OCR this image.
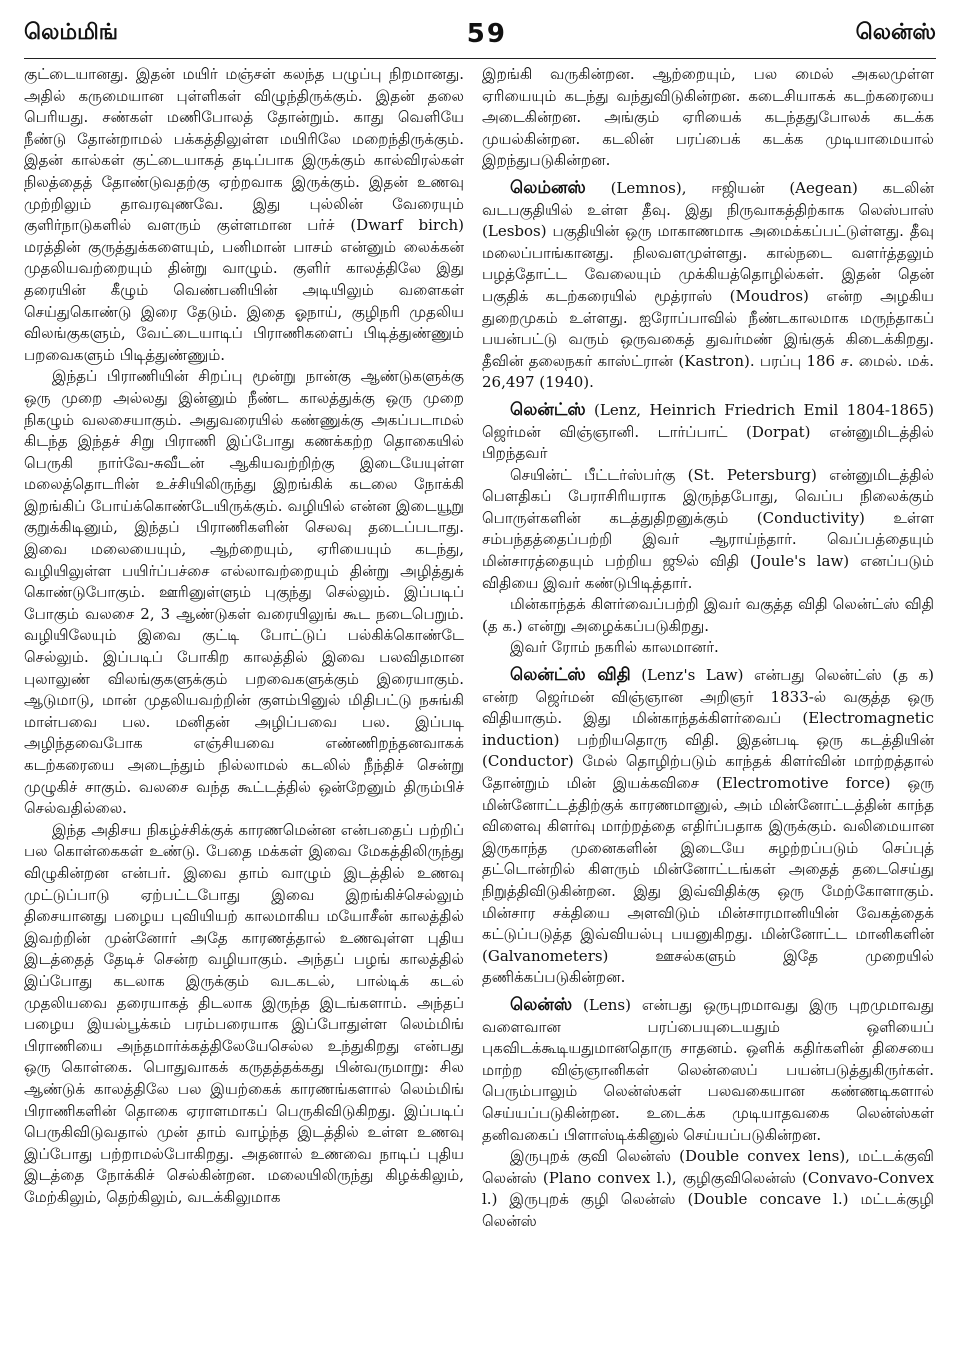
லெம்மிங்	59	லென்ஸ்

குட்டையானது. இதன் மயிர் மஞ்சள் கலந்த பழுப்பு நிறமானது. அதில் கருமையான புள்ளிகள் விழுந்திருக்கும். இதன் தலை பெரியது. சண்கள் மணிபோலத் தோன்றும். காது வெளியே நீண்டு தோன்றாமல் பக்கத்திலுள்ள மயிரிலே மறைந்திருக்கும். இதன் கால்கள் குட்டையாகத் தடிப்பாக இருக்கும் கால்விரல்கள் நிலத்தைத் தோண்டுவதற்கு ஏற்றவாக இருக்கும். இதன் உணவு முற்றிலும் தாவரவுணவே. இது புல்லின் வேரையும் குளிர்நாடுகளில் வளரும் குள்ளமான பர்ச் (Dwarf birch) மரத்தின் குருத்துக்களையும், பனிமான் பாசம் என்னும் லைக்கன் முதலியவற்றையும் தின்று வாழும். குளிர் காலத்திலே இது தரையின் கீழும் வெண்பனியின் அடியிலும் வளைகள் செய்துகொண்டு இரை தேடும். இதை ஓநாய், குழிநரி முதலிய விலங்குகளும், வேட்டையாடிப் பிராணிகளைப் பிடித்துண்ணும் பறவைகளும் பிடித்துண்ணும்.

இந்தப் பிராணியின் சிறப்பு மூன்று நான்கு ஆண்டுகளுக்கு ஒரு முறை அல்லது இன்னும் நீண்ட காலத்துக்கு ஒரு முறை நிகழும் வலசையாகும். அதுவரையில் கண்ணுக்கு அகப்படாமல் கிடந்த இந்தச் சிறு பிராணி இப்போது கணக்கற்ற தொகையில் பெருகி நார்வே-சுவீடன் ஆகியவற்றிற்கு இடையேயுள்ள மலைத்தொடரின் உச்சியிலிருந்து இறங்கிக் கடலை நோக்கி இறங்கிப் போய்க்கொண்டேயிருக்கும். வழியில் என்ன இடையூறு குறுக்கிடினும், இந்தப் பிராணிகளின் செலவு தடைப்படாது. இவை மலையையும், ஆற்றையும், ஏரியையும் கடந்து, வழியிலுள்ள பயிர்ப்பச்சை எல்லாவற்றையும் தின்று அழித்துக் கொண்டுபோகும். ஊரினுள்ளும் புகுந்து செல்லும். இப்படிப் போகும் வலசை 2, 3 ஆண்டுகள் வரையிலுங் கூட நடைபெறும். வழியிலேயும் இவை குட்டி போட்டுப் பல்கிக்கொண்டே செல்லும். இப்படிப் போகிற காலத்தில் இவை பலவிதமான புலாலுண் விலங்குகளுக்கும் பறவைகளுக்கும் இரையாகும். ஆடுமாடு, மான் முதலியவற்றின் குளம்பினுல் மிதிபட்டு நசுங்கி மாள்பவை பல. மனிதன் அழிப்பவை பல. இப்படி அழிந்தவைபோக எஞ்சியவை எண்ணிறந்தனவாகக் கடற்கரையை அடைந்தும் நில்லாமல் கடலில் நீந்திச் சென்று முழுகிச் சாகும். வலசை வந்த கூட்டத்தில் ஒன்றேனும் திரும்பிச் செல்வதில்லை.

இந்த அதிசய நிகழ்ச்சிக்குக் காரணமென்ன என்பதைப் பற்றிப் பல கொள்கைகள் உண்டு. பேதை மக்கள் இவை மேகத்திலிருந்து விழுகின்றன என்பர். இவை தாம் வாழும் இடத்தில் உணவு முட்டுப்பாடு ஏற்பட்டபோது இவை இறங்கிச்செல்லும் திசையானது பழைய புவியியற் காலமாகிய மயோசீன் காலத்தில் இவற்றின் முன்னோர் அதே காரணத்தால் உணவுள்ள புதிய இடத்தைத் தேடிச் சென்ற வழியாகும். அந்தப் பழங் காலத்தில் இப்போது கடலாக இருக்கும் வடகடல், பால்டிக் கடல் முதலியவை தரையாகத் திடலாக இருந்த இடங்களாம். அந்தப் பழைய இயல்பூக்கம் பரம்பரையாக இப்போதுள்ள லெம்மிங் பிராணியை அந்தமார்க்கத்திலேயேசெல்ல உந்துகிறது என்பது ஒரு கொள்கை. பொதுவாகக் கருதத்தக்கது பின்வருமாறு: சில ஆண்டுக் காலத்திலே பல இயற்கைக் காரணங்களால் லெம்மிங் பிராணிகளின் தொகை ஏராளமாகப் பெருகிவிடுகிறது. இப்படிப் பெருகிவிடுவதால் முன் தாம் வாழ்ந்த இடத்தில் உள்ள உணவு இப்போது பற்றாமல்போகிறது. அதனால் உணவை நாடிப் புதிய இடத்தை நோக்கிச் செல்கின்றன. மலையிலிருந்து கிழக்கிலும், மேற்கிலும், தெற்கிலும், வடக்கிலுமாக

இறங்கி வருகின்றன. ஆற்றையும், பல மைல் அகலமுள்ள ஏரியையும் கடந்து வந்துவிடுகின்றன. கடைசியாகக் கடற்கரையை அடைகின்றன. அங்கும் ஏரியைக் கடந்ததுபோலக் கடக்க முயல்கின்றன. கடலின் பரப்பைக் கடக்க முடியாமையால் இறந்துபடுகின்றன.

லெம்னஸ் (Lemnos), ஈஜியன் (Aegean) கடலின் வடபகுதியில் உள்ள தீவு. இது நிருவாகத்திற்காக லெஸ்பாஸ் (Lesbos) பகுதியின் ஒரு மாகாணமாக அமைக்கப்பட்டுள்ளது. தீவு மலைப்பாங்கானது. நிலவளமுள்ளது. கால்நடை வளர்த்தலும் பழத்தோட்ட வேலையும் முக்கியத்தொழில்கள். இதன் தென் பகுதிக் கடற்கரையில் மூத்ராஸ் (Moudros) என்ற அழகிய துறைமுகம் உள்ளது. ஐரோப்பாவில் நீண்டகாலமாக மருந்தாகப் பயன்பட்டு வரும் ஒருவகைத் துவர்மண் இங்குக் கிடைக்கிறது. தீவின் தலைநகர் காஸ்ட்ரான் (Kastron). பரப்பு 186 ச. மைல். மக். 26,497 (1940).

லென்ட்ஸ் (Lenz, Heinrich Friedrich Emil 1804-1865) ஜெர்மன் விஞ்ஞானி. டார்ப்பாட் (Dorpat) என்னுமிடத்தில் பிறந்தவர்

செயின்ட் பீட்டர்ஸ்பர்கு (St. Petersburg) என்னுமிடத்தில் பௌதிகப் பேராசிரியராக இருந்தபோது, வெப்ப நிலைக்கும் பொருள்களின் கடத்துதிறனுக்கும் (Conductivity) உள்ள சம்பந்தத்தைப்பற்றி இவர் ஆராய்ந்தார். வெப்பத்தையும் மின்சாரத்தையும் பற்றிய ஜூல் விதி (Joule's law) எனப்படும் விதியை இவர் கண்டுபிடித்தார்.

மின்காந்தக் கிளர்வைப்பற்றி இவர் வகுத்த விதி லென்ட்ஸ் விதி (த க.) என்று அழைக்கப்படுகிறது.

இவர் ரோம் நகரில் காலமானர்.

லென்ட்ஸ் விதி (Lenz's Law) என்பது லென்ட்ஸ் (த க) என்ற ஜெர்மன் விஞ்ஞான அறிஞர் 1833-ல் வகுத்த ஒரு விதியாகும். இது மின்காந்தக்கிளர்வைப் (Electromagnetic induction) பற்றியதொரு விதி. இதன்படி ஒரு கடத்தியின் (Conductor) மேல் தொழிற்படும் காந்தக் கிளர்வின் மாற்றத்தால் தோன்றும் மின் இயக்கவிசை (Electromotive force) ஒரு மின்னோட்டத்திற்குக் காரணமானுல், அம் மின்னோட்டத்தின் காந்த விளைவு கிளர்வு மாற்றத்தை எதிர்ப்பதாக இருக்கும். வலிமையான இருகாந்த முனைகளின் இடையே சுழற்றப்படும் செப்புத் தட்டொன்றில் கிளரும் மின்னோட்டங்கள் அதைத் தடைசெய்து நிறுத்திவிடுகின்றன. இது இவ்விதிக்கு ஒரு மேற்கோளாகும். மின்சார சக்தியை அளவிடும் மின்சாரமானியின் வேகத்தைக் கட்டுப்படுத்த இவ்வியல்பு பயனுகிறது. மின்னோட்ட மானிகளின் (Galvanometers) ஊசல்களும் இதே முறையில் தணிக்கப்படுகின்றன.

லென்ஸ் (Lens) என்பது ஒருபுறமாவது இரு புறமுமாவது வளைவான பரப்பையுடையதும் ஒளியைப் புகவிடக்கூடியதுமானதொரு சாதனம். ஒளிக் கதிர்களின் திசையை மாற்ற விஞ்ஞானிகள் லென்ஸைப் பயன்படுத்துகிருர்கள். பெரும்பாலும் லென்ஸ்கள் பலவகையான கண்ணடிகளால் செய்யப்படுகின்றன. உடைக்க முடியாதவகை லென்ஸ்கள் தனிவகைப் பிளாஸ்டிக்கினுல் செய்யப்படுகின்றன.

இருபுறக் குவி லென்ஸ் (Double convex lens), மட்டக்குவி லென்ஸ் (Plano convex l.), குழிகுவிலென்ஸ் (Convavo-Convex l.) இருபுறக் குழி லென்ஸ் (Double concave l.) மட்டக்குழி லென்ஸ்
